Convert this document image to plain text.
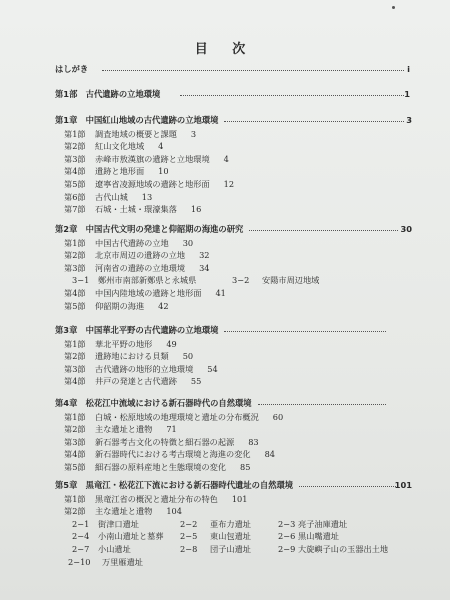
目 次
はしがき	i
第1部　古代遺跡の立地環境	1
第1章　中国紅山地域の古代遺跡の立地環境	3
第1節 調査地域の概要と課題 3
第2節 紅山文化地域 4
第3節 赤峰市敖漢旗の遺跡と立地環境 4
第4節 遺跡と地形面 10
第5節 遼寧省凌源地域の遺跡と地形面 12
第6節 古代山城 13
第7節 石城・土城・環濠集落 16
第2章　中国古代文明の発達と仰韶期の海進の研究	30
第1節 中国古代遺跡の立地 30
第2節 北京市周辺の遺跡の立地 32
第3節 河南省の遺跡の立地環境 34
3−1 鄭州市南部新鄭県と永城県	3−2 安陽市周辺地域
第4節 中国内陸地域の遺跡と地形面 41
第5節 仰韶期の海進 42
第3章　中国華北平野の古代遺跡の立地環境
第1節 華北平野の地形 49
第2節 遺跡地における貝類 50
第3節 古代遺跡の地形的立地環境 54
第4節 井戸の発達と古代遺跡 55
第4章　松花江中流域における新石器時代の自然環境
第1節 白城・松原地域の地理環境と遺址の分布概況 60
第2節 主な遺址と遺物 71
第3節 新石器考古文化の特徴と細石器の起源 83
第4節 新石器時代における考古環境と海進の変化 84
第5節 細石器の原料産地と生態環境の変化 85
第5章　黒竜江・松花江下流における新石器時代遺址の自然環境	101
第1節 黒竜江省の概況と遺址分布の特色 101
第2節 主な遺址と遺物 104
2−1 街津口遺址	2−2 亜布力遺址	2−3 亮子油庫遺址
2−4 小南山遺址と墓葬 2−5 東山包遺址	2−6 黒山嘴遺址
2−7 小山遺址	2−8 団子山遺址	2−9 大旋嶼子山の玉器出土地
2−10 万里雁遺址
